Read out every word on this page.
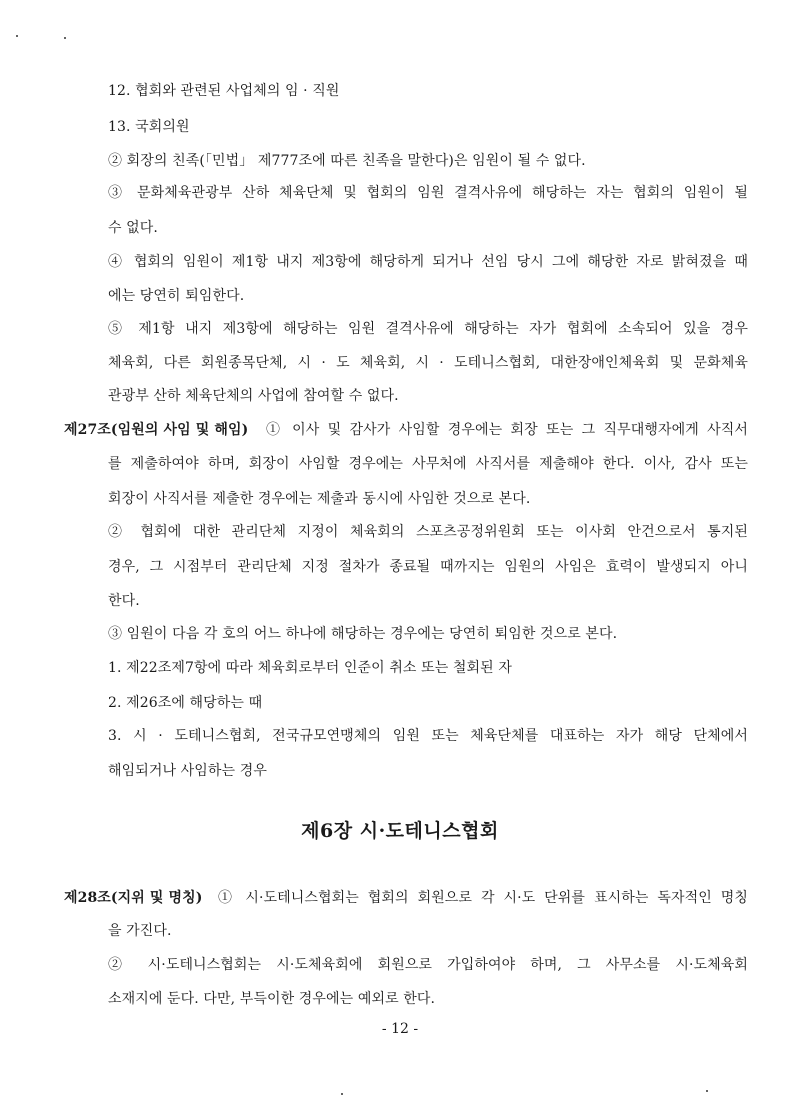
12. 협회와 관련된 사업체의 임 · 직원
13. 국회의원
② 회장의 친족(「민법」 제777조에 따른 친족을 말한다)은 임원이 될 수 없다.
③ 문화체육관광부 산하 체육단체 및 협회의 임원 결격사유에 해당하는 자는 협회의 임원이 될
수 없다.
④ 협회의 임원이 제1항 내지 제3항에 해당하게 되거나 선임 당시 그에 해당한 자로 밝혀졌을 때
에는 당연히 퇴임한다.
⑤ 제1항 내지 제3항에 해당하는 임원 결격사유에 해당하는 자가 협회에 소속되어 있을 경우
체육회, 다른 회원종목단체, 시 · 도 체육회, 시 · 도테니스협회, 대한장애인체육회 및 문화체육
관광부 산하 체육단체의 사업에 참여할 수 없다.
제27조(임원의 사임 및 해임) ① 이사 및 감사가 사임할 경우에는 회장 또는 그 직무대행자에게 사직서
를 제출하여야 하며, 회장이 사임할 경우에는 사무처에 사직서를 제출해야 한다. 이사, 감사 또는
회장이 사직서를 제출한 경우에는 제출과 동시에 사임한 것으로 본다.
② 협회에 대한 관리단체 지정이 체육회의 스포츠공정위원회 또는 이사회 안건으로서 통지된
경우, 그 시점부터 관리단체 지정 절차가 종료될 때까지는 임원의 사임은 효력이 발생되지 아니
한다.
③ 임원이 다음 각 호의 어느 하나에 해당하는 경우에는 당연히 퇴임한 것으로 본다.
1. 제22조제7항에 따라 체육회로부터 인준이 취소 또는 철회된 자
2. 제26조에 해당하는 때
3. 시 · 도테니스협회, 전국규모연맹체의 임원 또는 체육단체를 대표하는 자가 해당 단체에서
해임되거나 사임하는 경우
제6장 시·도테니스협회
제28조(지위 및 명칭) ① 시·도테니스협회는 협회의 회원으로 각 시·도 단위를 표시하는 독자적인 명칭
을 가진다.
② 시·도테니스협회는 시·도체육회에 회원으로 가입하여야 하며, 그 사무소를 시·도체육회
소재지에 둔다. 다만, 부득이한 경우에는 예외로 한다.
- 12 -
